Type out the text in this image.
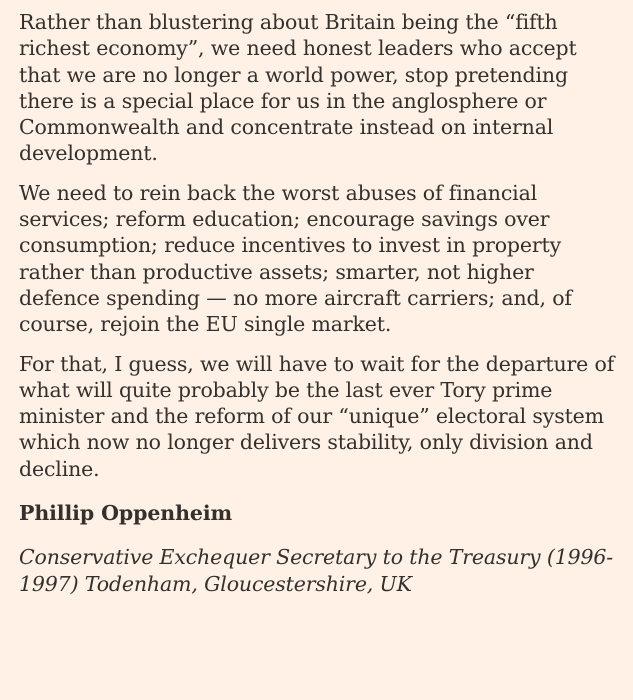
Rather than blustering about Britain being the “fifth richest economy”, we need honest leaders who accept that we are no longer a world power, stop pretending there is a special place for us in the anglosphere or Commonwealth and concentrate instead on internal development.

We need to rein back the worst abuses of financial services; reform education; encourage savings over consumption; reduce incentives to invest in property rather than productive assets; smarter, not higher defence spending — no more aircraft carriers; and, of course, rejoin the EU single market.

For that, I guess, we will have to wait for the departure of what will quite probably be the last ever Tory prime minister and the reform of our “unique” electoral system which now no longer delivers stability, only division and decline.

Phillip Oppenheim

Conservative Exchequer Secretary to the Treasury (1996-1997) Todenham, Gloucestershire, UK
